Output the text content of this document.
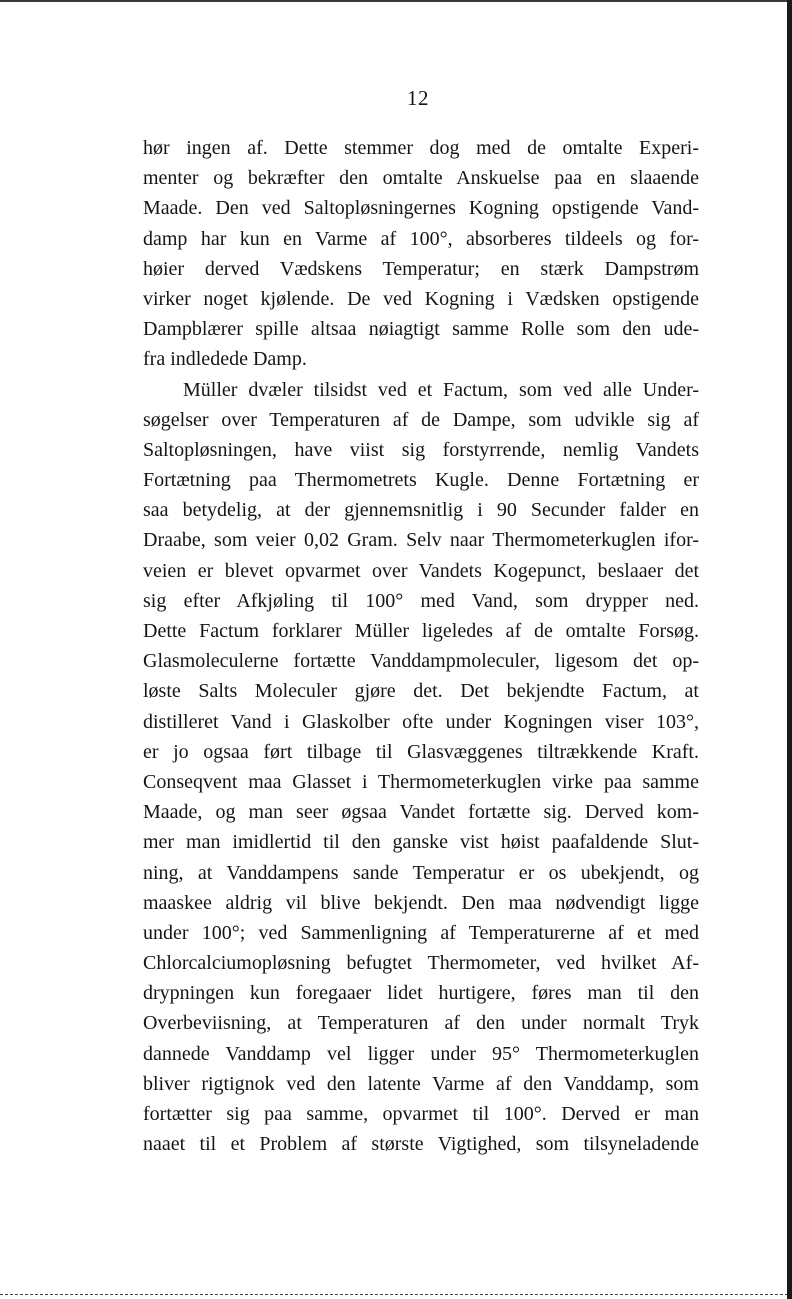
12
hør ingen af. Dette stemmer dog med de omtalte Experi-
menter og bekræfter den omtalte Anskuelse paa en slaaende
Maade. Den ved Saltopløsningernes Kogning opstigende Vand-
damp har kun en Varme af 100°, absorberes tildeels og for-
høier derved Vædskens Temperatur; en stærk Dampstrøm
virker noget kjølende. De ved Kogning i Vædsken opstigende
Dampblærer spille altsaa nøiagtigt samme Rolle som den ude-
fra indledede Damp.
Müller dvæler tilsidst ved et Factum, som ved alle Under-
søgelser over Temperaturen af de Dampe, som udvikle sig af
Saltopløsningen, have viist sig forstyrrende, nemlig Vandets
Fortætning paa Thermometrets Kugle. Denne Fortætning er
saa betydelig, at der gjennemsnitlig i 90 Secunder falder en
Draabe, som veier 0,02 Gram. Selv naar Thermometerkuglen ifor-
veien er blevet opvarmet over Vandets Kogepunct, beslaaer det
sig efter Afkjøling til 100° med Vand, som drypper ned.
Dette Factum forklarer Müller ligeledes af de omtalte Forsøg.
Glasmoleculerne fortætte Vanddampmoleculer, ligesom det op-
løste Salts Moleculer gjøre det. Det bekjendte Factum, at
distilleret Vand i Glaskolber ofte under Kogningen viser 103°,
er jo ogsaa ført tilbage til Glasvæggenes tiltrækkende Kraft.
Conseqvent maa Glasset i Thermometerkuglen virke paa samme
Maade, og man seer øgsaa Vandet fortætte sig. Derved kom-
mer man imidlertid til den ganske vist høist paafaldende Slut-
ning, at Vanddampens sande Temperatur er os ubekjendt, og
maaskee aldrig vil blive bekjendt. Den maa nødvendigt ligge
under 100°; ved Sammenligning af Temperaturerne af et med
Chlorcalciumopløsning befugtet Thermometer, ved hvilket Af-
drypningen kun foregaaer lidet hurtigere, føres man til den
Overbeviisning, at Temperaturen af den under normalt Tryk
dannede Vanddamp vel ligger under 95° Thermometerkuglen
bliver rigtignok ved den latente Varme af den Vanddamp, som
fortætter sig paa samme, opvarmet til 100°. Derved er man
naaet til et Problem af største Vigtighed, som tilsyneladende
